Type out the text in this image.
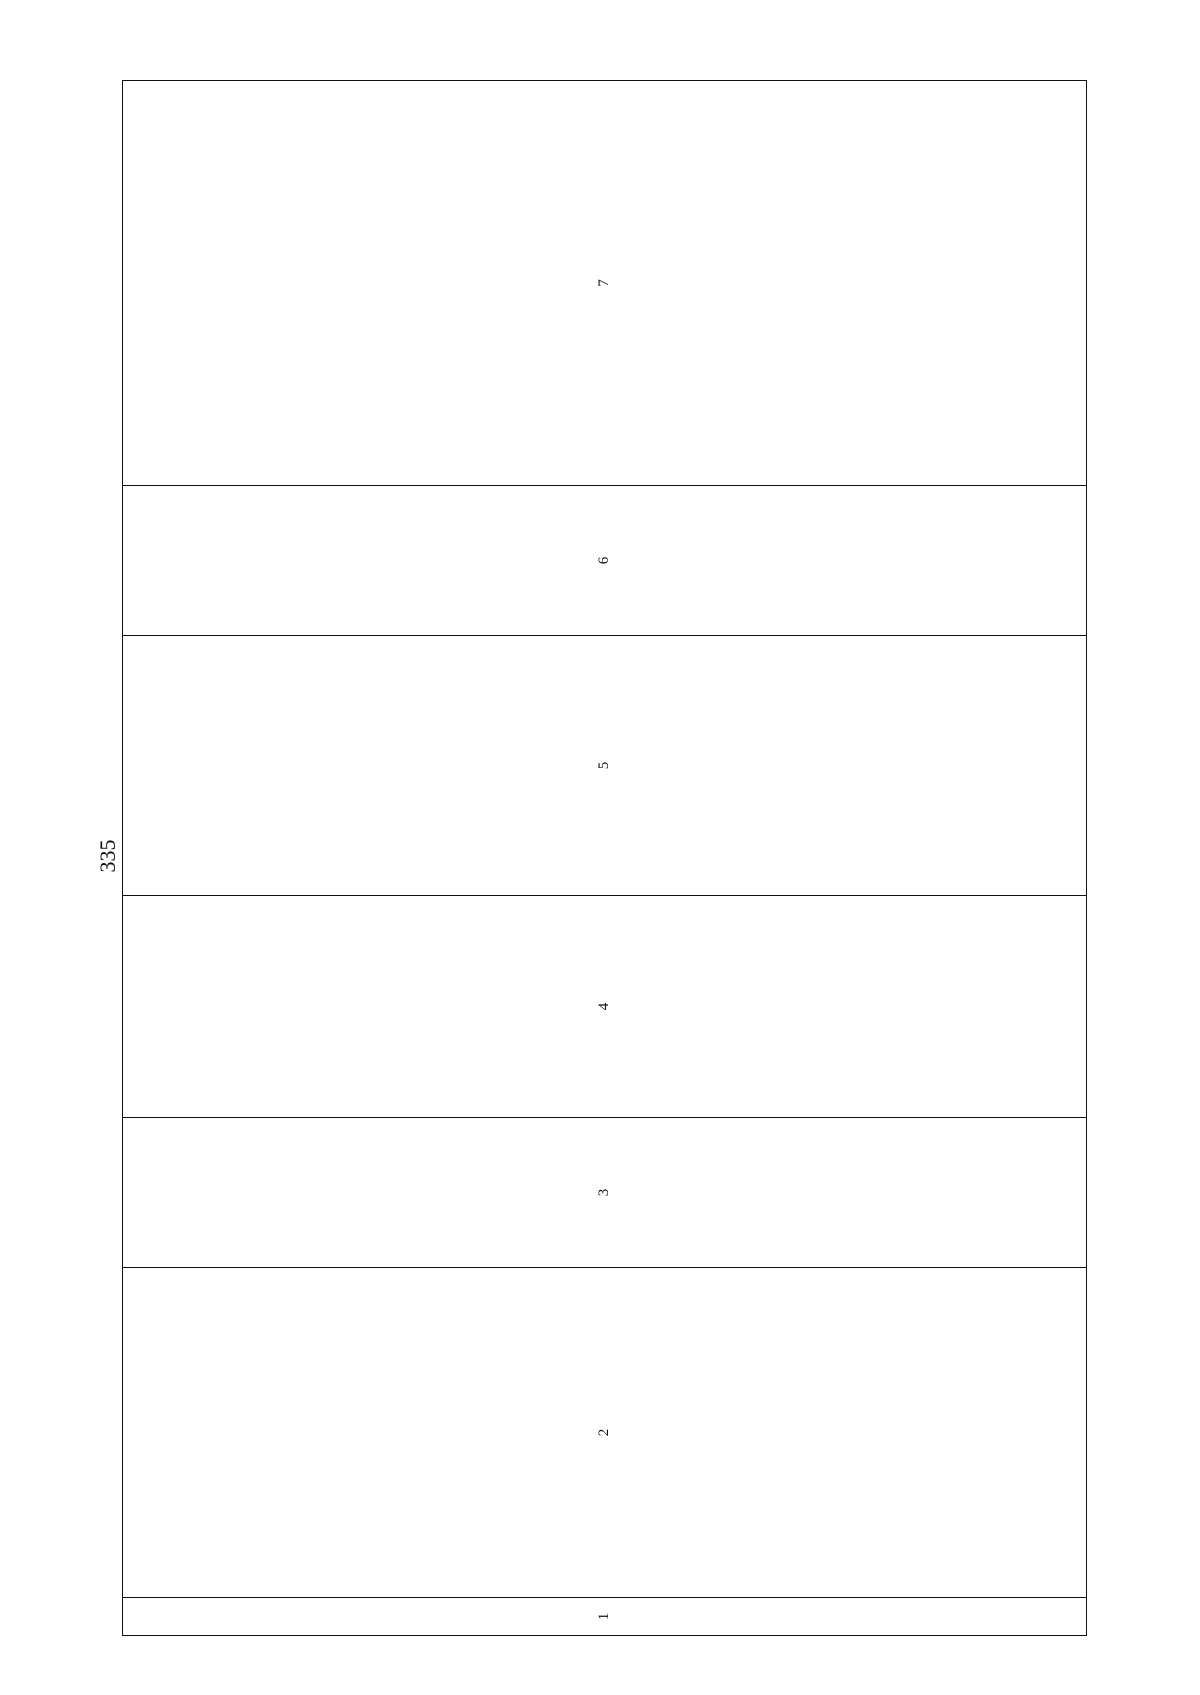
335
1	2	3	4	5	6	7
